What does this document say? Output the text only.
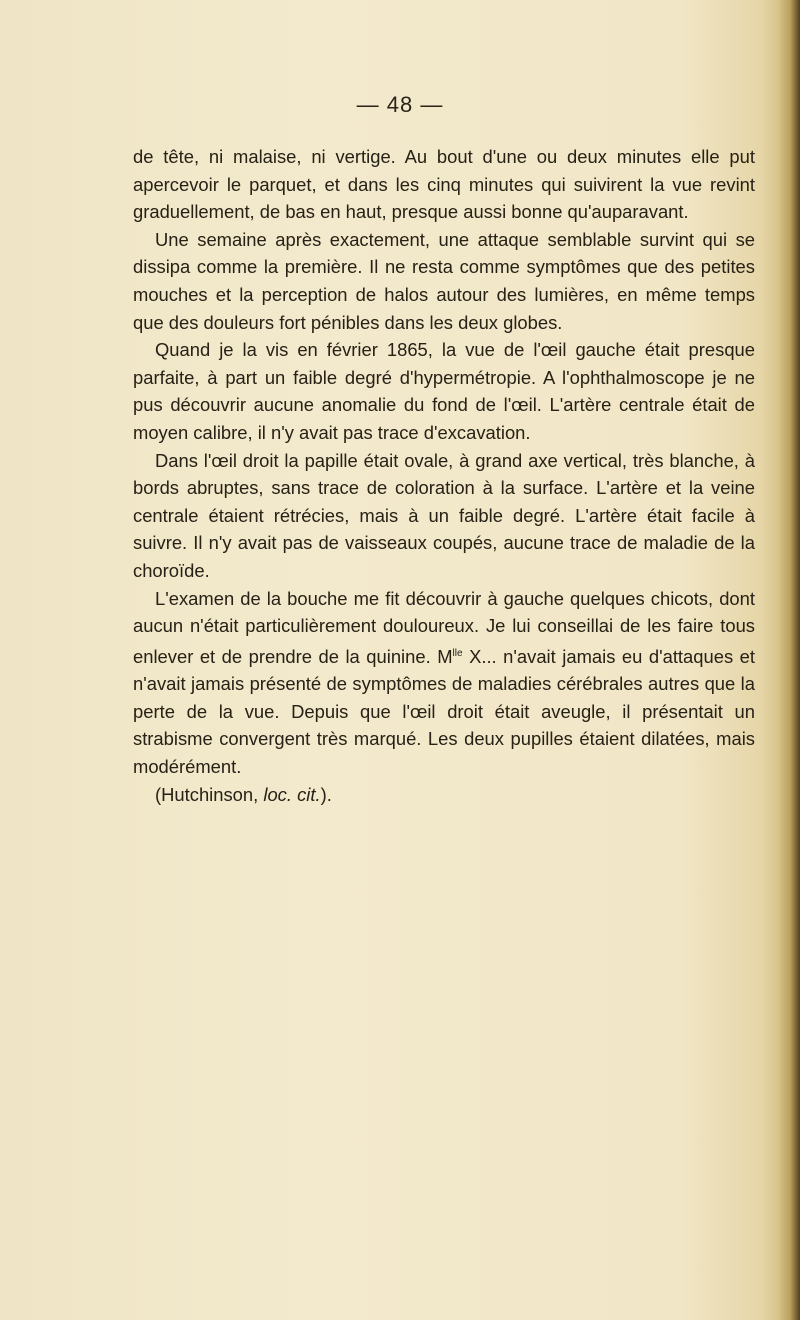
— 48 —

de tête, ni malaise, ni vertige. Au bout d'une ou deux minutes elle put apercevoir le parquet, et dans les cinq minutes qui suivirent la vue revint graduellement, de bas en haut, presque aussi bonne qu'auparavant.

Une semaine après exactement, une attaque semblable survint qui se dissipa comme la première. Il ne resta comme symptômes que des petites mouches et la perception de halos autour des lumières, en même temps que des douleurs fort pénibles dans les deux globes.

Quand je la vis en février 1865, la vue de l'œil gauche était presque parfaite, à part un faible degré d'hypermétropie. A l'ophthalmoscope je ne pus découvrir aucune anomalie du fond de l'œil. L'artère centrale était de moyen calibre, il n'y avait pas trace d'excavation.

Dans l'œil droit la papille était ovale, à grand axe vertical, très blanche, à bords abruptes, sans trace de coloration à la surface. L'artère et la veine centrale étaient rétrécies, mais à un faible degré. L'artère était facile à suivre. Il n'y avait pas de vaisseaux coupés, aucune trace de maladie de la choroïde.

L'examen de la bouche me fit découvrir à gauche quelques chicots, dont aucun n'était particulièrement douloureux. Je lui conseillai de les faire tous enlever et de prendre de la quinine. $M^{lle}$ X... n'avait jamais eu d'attaques et n'avait jamais présenté de symptômes de maladies cérébrales autres que la perte de la vue. Depuis que l'œil droit était aveugle, il présentait un strabisme convergent très marqué. Les deux pupilles étaient dilatées, mais modérément.

(Hutchinson, loc. cit.).
